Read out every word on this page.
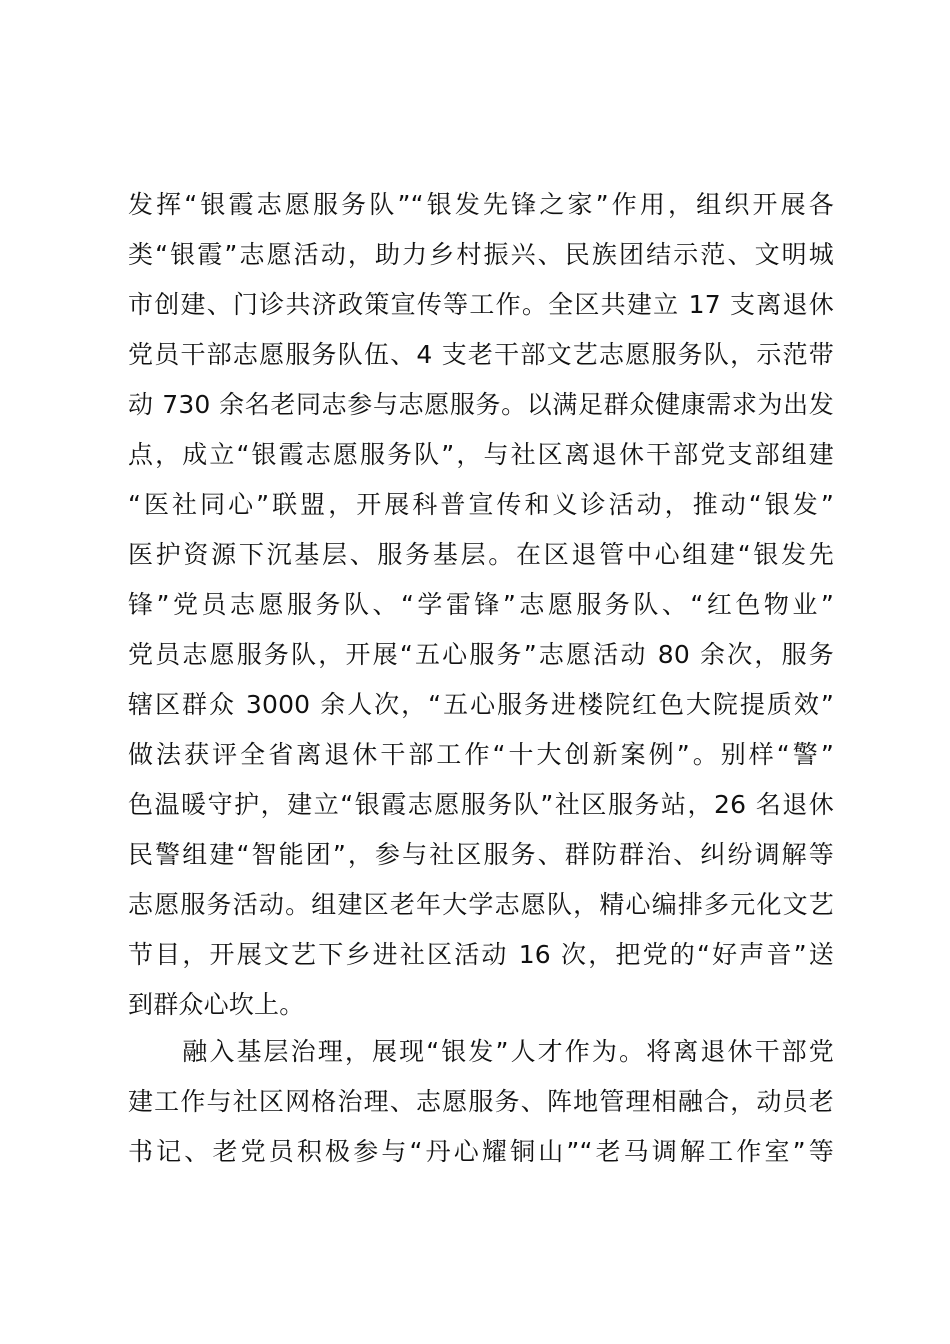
发挥“银霞志愿服务队”“银发先锋之家”作用，组织开展各
类“银霞”志愿活动，助力乡村振兴、民族团结示范、文明城
市创建、门诊共济政策宣传等工作。全区共建立 17 支离退休
党员干部志愿服务队伍、4 支老干部文艺志愿服务队，示范带
动 730 余名老同志参与志愿服务。以满足群众健康需求为出发
点，成立“银霞志愿服务队”，与社区离退休干部党支部组建
“医社同心”联盟，开展科普宣传和义诊活动，推动“银发”
医护资源下沉基层、服务基层。在区退管中心组建“银发先
锋”党员志愿服务队、“学雷锋”志愿服务队、“红色物业”
党员志愿服务队，开展“五心服务”志愿活动 80 余次，服务
辖区群众 3000 余人次，“五心服务进楼院红色大院提质效”
做法获评全省离退休干部工作“十大创新案例”。别样“警”
色温暖守护，建立“银霞志愿服务队”社区服务站，26 名退休
民警组建“智能团”，参与社区服务、群防群治、纠纷调解等
志愿服务活动。组建区老年大学志愿队，精心编排多元化文艺
节目，开展文艺下乡进社区活动 16 次，把党的“好声音”送
到群众心坎上。
　　融入基层治理，展现“银发”人才作为。将离退休干部党
建工作与社区网格治理、志愿服务、阵地管理相融合，动员老
书记、老党员积极参与“丹心耀铜山”“老马调解工作室”等
